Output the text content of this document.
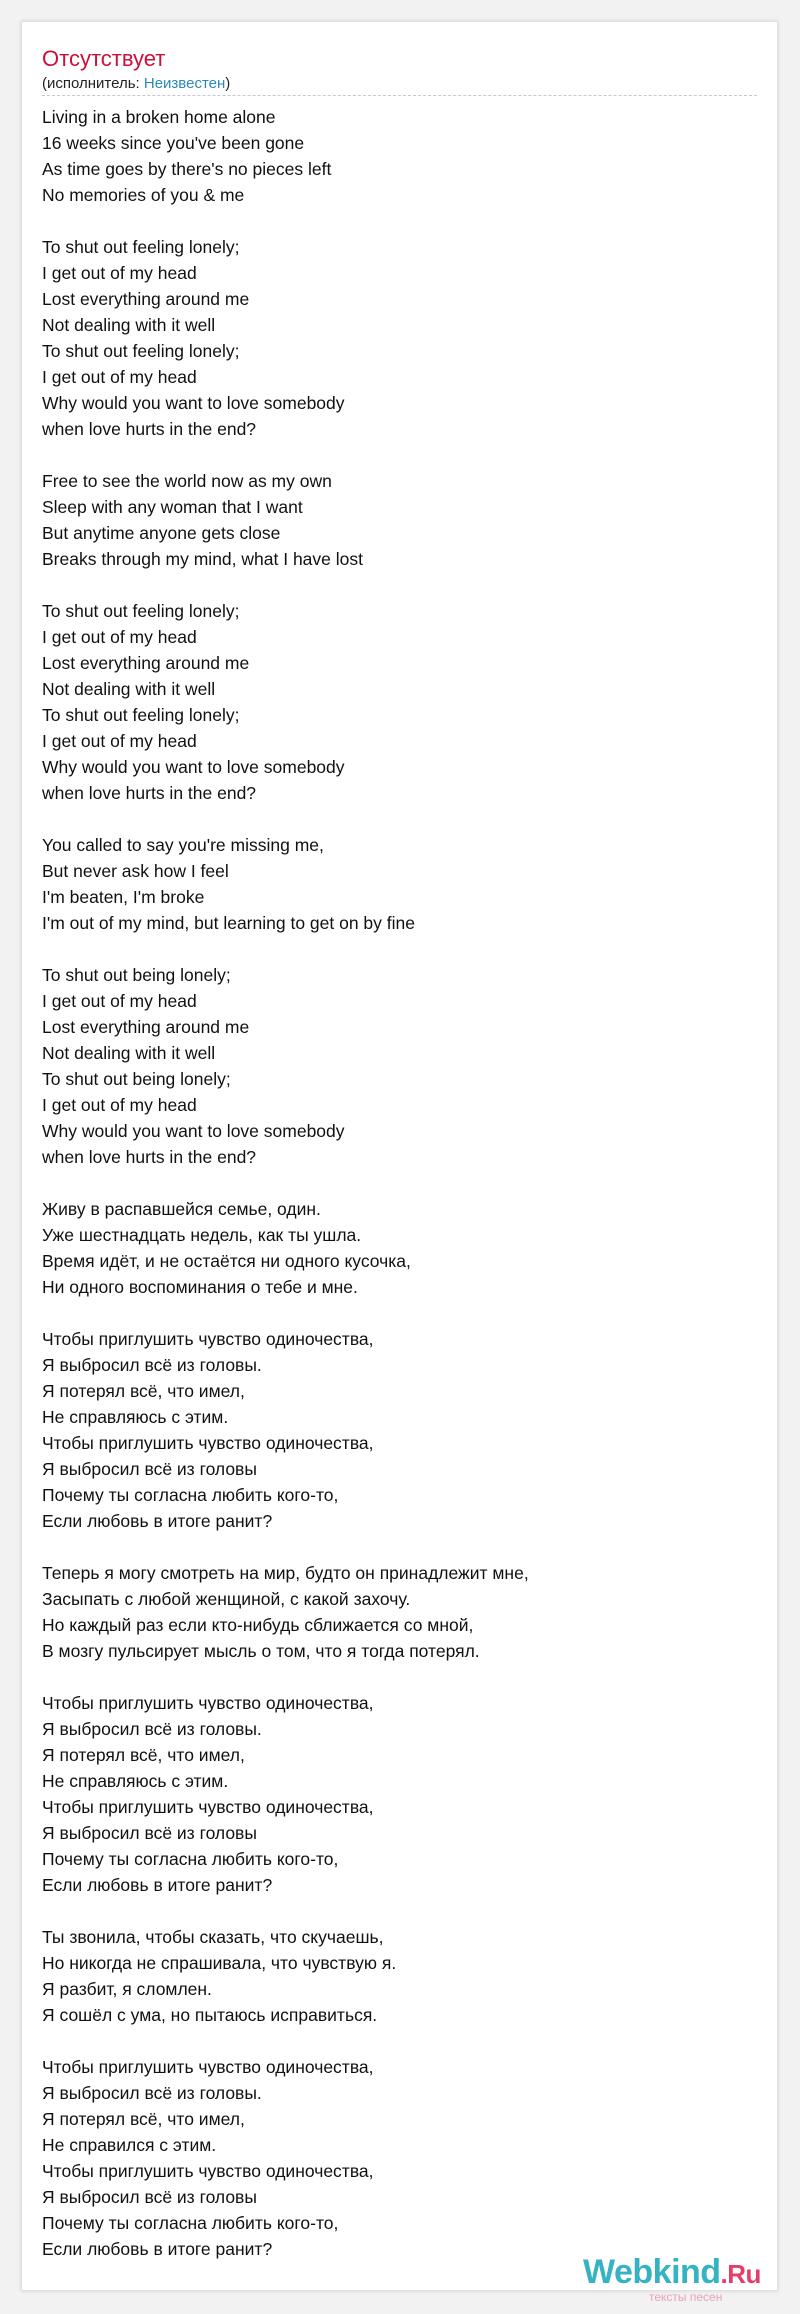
Отсутствует
(исполнитель: Неизвестен)
Living in a broken home alone
16 weeks since you've been gone
As time goes by there's no pieces left
No memories of you & me
To shut out feeling lonely;
I get out of my head
Lost everything around me
Not dealing with it well
To shut out feeling lonely;
I get out of my head
Why would you want to love somebody
when love hurts in the end?
Free to see the world now as my own
Sleep with any woman that I want
But anytime anyone gets close
Breaks through my mind, what I have lost
To shut out feeling lonely;
I get out of my head
Lost everything around me
Not dealing with it well
To shut out feeling lonely;
I get out of my head
Why would you want to love somebody
when love hurts in the end?
You called to say you're missing me,
But never ask how I feel
I'm beaten, I'm broke
I'm out of my mind, but learning to get on by fine
To shut out being lonely;
I get out of my head
Lost everything around me
Not dealing with it well
To shut out being lonely;
I get out of my head
Why would you want to love somebody
when love hurts in the end?
Живу в распавшейся семье, один.
Уже шестнадцать недель, как ты ушла.
Время идёт, и не остаётся ни одного кусочка,
Ни одного воспоминания о тебе и мне.
Чтобы приглушить чувство одиночества,
Я выбросил всё из головы.
Я потерял всё, что имел,
Не справляюсь с этим.
Чтобы приглушить чувство одиночества,
Я выбросил всё из головы
Почему ты согласна любить кого-то,
Если любовь в итоге ранит?
Теперь я могу смотреть на мир, будто он принадлежит мне,
Засыпать с любой женщиной, с какой захочу.
Но каждый раз если кто-нибудь сближается со мной,
В мозгу пульсирует мысль о том, что я тогда потерял.
Чтобы приглушить чувство одиночества,
Я выбросил всё из головы.
Я потерял всё, что имел,
Не справляюсь с этим.
Чтобы приглушить чувство одиночества,
Я выбросил всё из головы
Почему ты согласна любить кого-то,
Если любовь в итоге ранит?
Ты звонила, чтобы сказать, что скучаешь,
Но никогда не спрашивала, что чувствую я.
Я разбит, я сломлен.
Я сошёл с ума, но пытаюсь исправиться.
Чтобы приглушить чувство одиночества,
Я выбросил всё из головы.
Я потерял всё, что имел,
Не справился с этим.
Чтобы приглушить чувство одиночества,
Я выбросил всё из головы
Почему ты согласна любить кого-то,
Если любовь в итоге ранит?
Webkind.Ru
тексты песен
